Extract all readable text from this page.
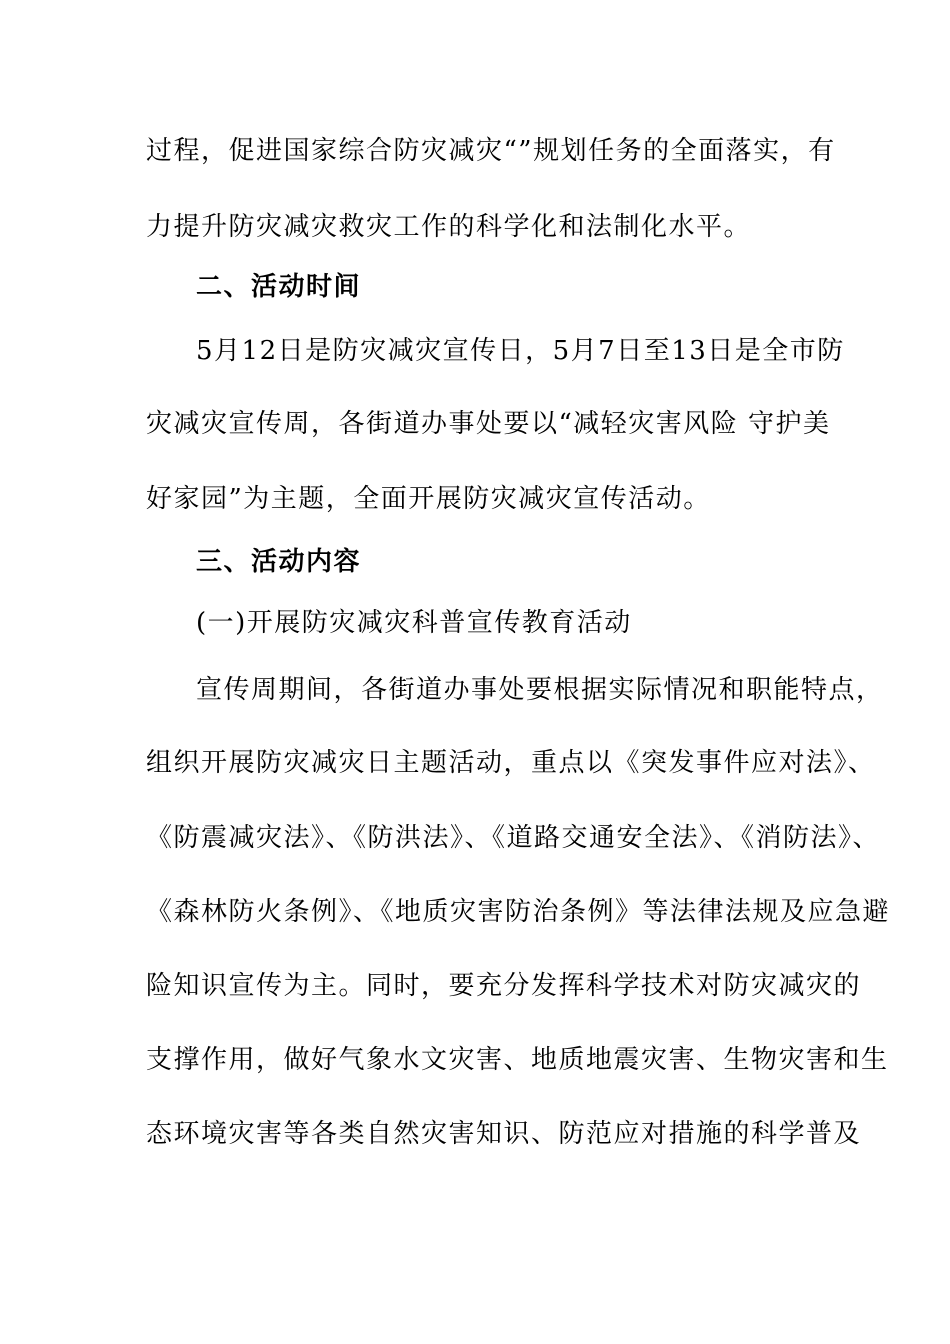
过程，促进国家综合防灾减灾“”规划任务的全面落实，有
力提升防灾减灾救灾工作的科学化和法制化水平。
二、活动时间
5月12日是防灾减灾宣传日，5月7日至13日是全市防
灾减灾宣传周，各街道办事处要以“减轻灾害风险 守护美
好家园”为主题，全面开展防灾减灾宣传活动。
三、活动内容
(一)开展防灾减灾科普宣传教育活动
宣传周期间，各街道办事处要根据实际情况和职能特点，
组织开展防灾减灾日主题活动，重点以《突发事件应对法》、
《防震减灾法》、《防洪法》、《道路交通安全法》、《消防法》、
《森林防火条例》、《地质灾害防治条例》等法律法规及应急避
险知识宣传为主。同时，要充分发挥科学技术对防灾减灾的
支撑作用，做好气象水文灾害、地质地震灾害、生物灾害和生
态环境灾害等各类自然灾害知识、防范应对措施的科学普及
